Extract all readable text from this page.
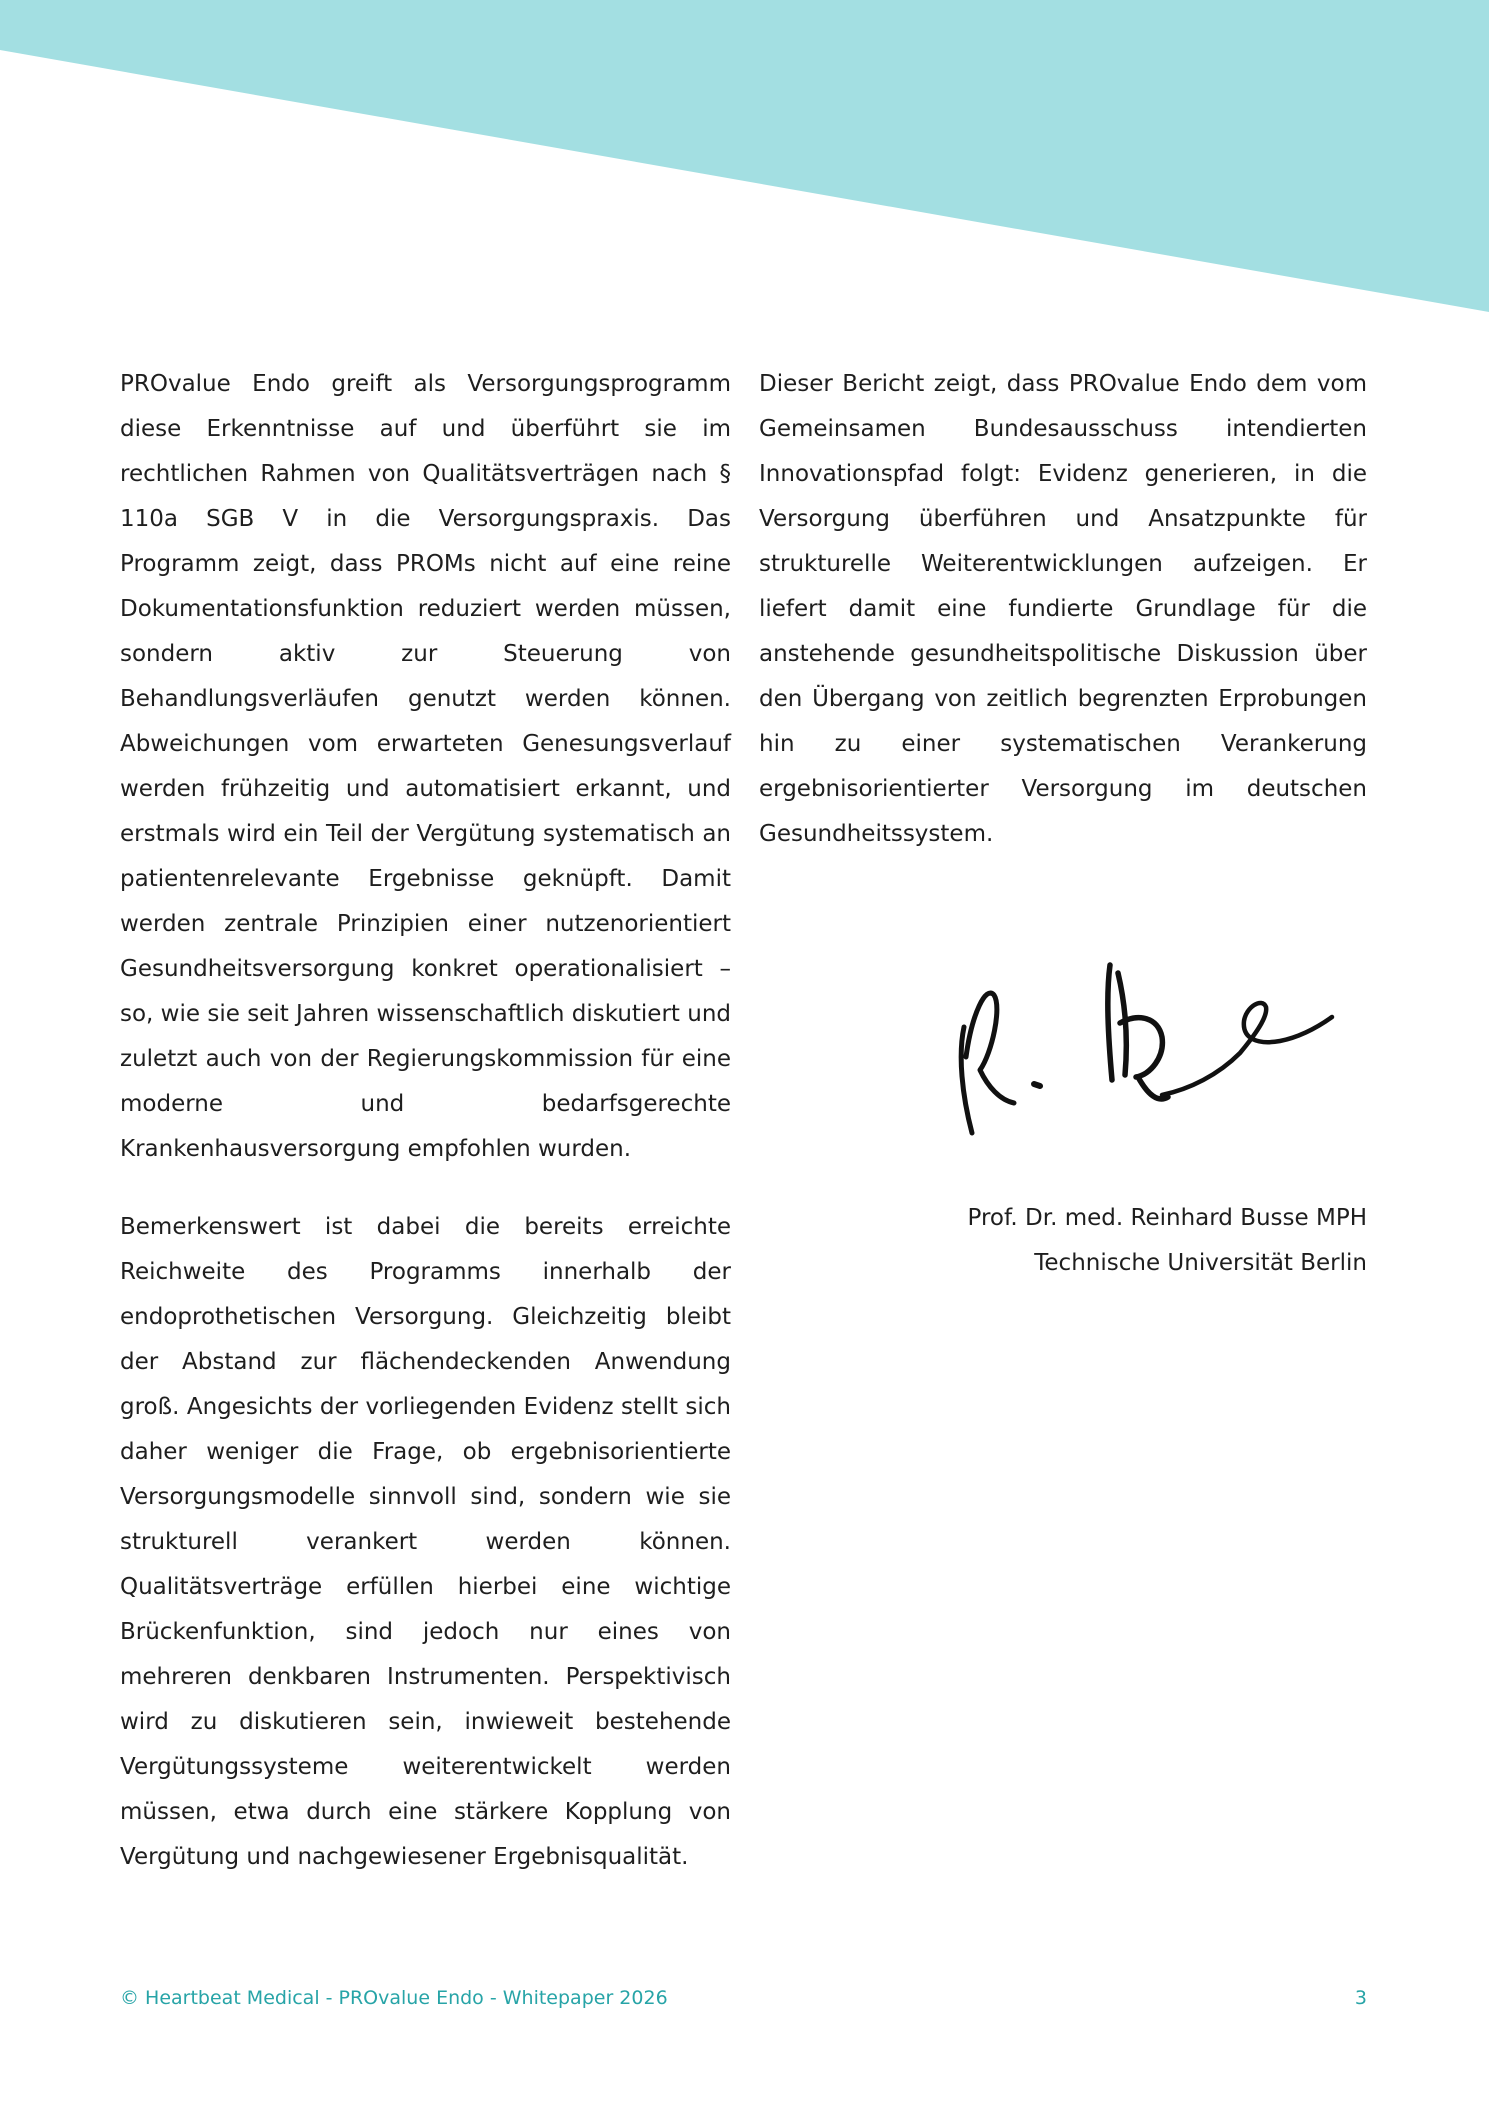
PROvalue Endo greift als Versorgungsprogramm diese Erkenntnisse auf und überführt sie im rechtlichen Rahmen von Qualitätsverträgen nach § 110a SGB V in die Versorgungspraxis. Das Programm zeigt, dass PROMs nicht auf eine reine Dokumentationsfunktion reduziert werden müssen, sondern aktiv zur Steuerung von Behandlungsverläufen genutzt werden können. Abweichungen vom erwarteten Genesungsverlauf werden frühzeitig und automatisiert erkannt, und erstmals wird ein Teil der Vergütung systematisch an patientenrelevante Ergebnisse geknüpft. Damit werden zentrale Prinzipien einer nutzenorientiert Gesundheitsversorgung konkret operationalisiert – so, wie sie seit Jahren wissenschaftlich diskutiert und zuletzt auch von der Regierungskommission für eine moderne und bedarfsgerechte Krankenhausversorgung empfohlen wurden.

Bemerkenswert ist dabei die bereits erreichte Reichweite des Programms innerhalb der endoprothetischen Versorgung. Gleichzeitig bleibt der Abstand zur flächendeckenden Anwendung groß. Angesichts der vorliegenden Evidenz stellt sich daher weniger die Frage, ob ergebnisorientierte Versorgungsmodelle sinnvoll sind, sondern wie sie strukturell verankert werden können. Qualitätsverträge erfüllen hierbei eine wichtige Brückenfunktion, sind jedoch nur eines von mehreren denkbaren Instrumenten. Perspektivisch wird zu diskutieren sein, inwieweit bestehende Vergütungssysteme weiterentwickelt werden müssen, etwa durch eine stärkere Kopplung von Vergütung und nachgewiesener Ergebnisqualität.

Dieser Bericht zeigt, dass PROvalue Endo dem vom Gemeinsamen Bundesausschuss intendierten Innovationspfad folgt: Evidenz generieren, in die Versorgung überführen und Ansatzpunkte für strukturelle Weiterentwicklungen aufzeigen. Er liefert damit eine fundierte Grundlage für die anstehende gesundheitspolitische Diskussion über den Übergang von zeitlich begrenzten Erprobungen hin zu einer systematischen Verankerung ergebnisorientierter Versorgung im deutschen Gesundheitssystem.

Prof. Dr. med. Reinhard Busse MPH
Technische Universität Berlin
© Heartbeat Medical - PROvalue Endo - Whitepaper 2026	3
